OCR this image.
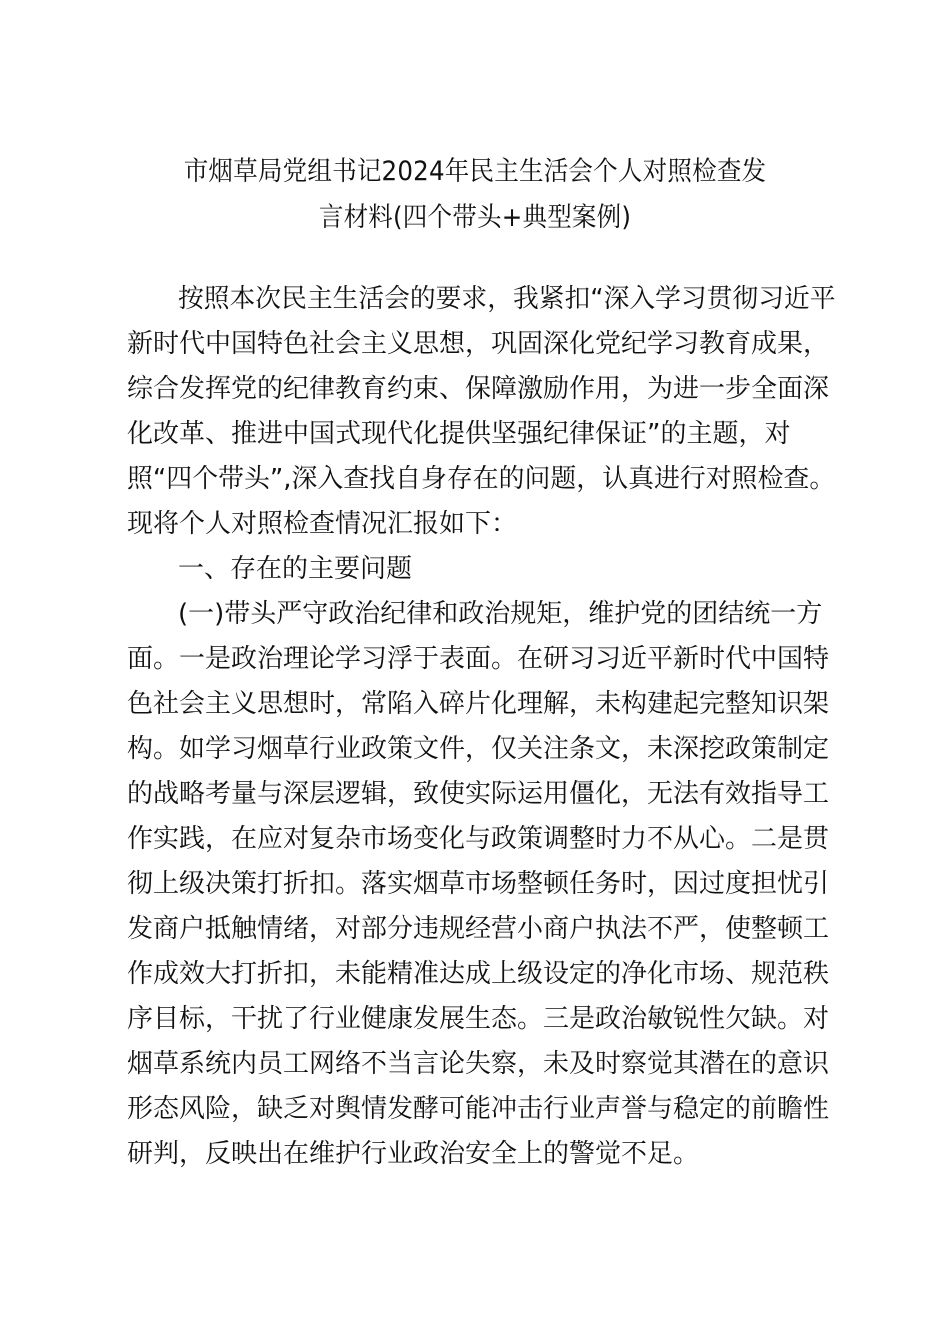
市烟草局党组书记2024年民主生活会个人对照检查发
言材料(四个带头+典型案例)
按照本次民主生活会的要求，我紧扣“深入学习贯彻习近平
新时代中国特色社会主义思想，巩固深化党纪学习教育成果，
综合发挥党的纪律教育约束、保障激励作用，为进一步全面深
化改革、推进中国式现代化提供坚强纪律保证”的主题，对
照“四个带头”,深入查找自身存在的问题，认真进行对照检查。
现将个人对照检查情况汇报如下：
一、存在的主要问题
(一)带头严守政治纪律和政治规矩，维护党的团结统一方
面。一是政治理论学习浮于表面。在研习习近平新时代中国特
色社会主义思想时，常陷入碎片化理解，未构建起完整知识架
构。如学习烟草行业政策文件，仅关注条文，未深挖政策制定
的战略考量与深层逻辑，致使实际运用僵化，无法有效指导工
作实践，在应对复杂市场变化与政策调整时力不从心。二是贯
彻上级决策打折扣。落实烟草市场整顿任务时，因过度担忧引
发商户抵触情绪，对部分违规经营小商户执法不严，使整顿工
作成效大打折扣，未能精准达成上级设定的净化市场、规范秩
序目标，干扰了行业健康发展生态。三是政治敏锐性欠缺。对
烟草系统内员工网络不当言论失察，未及时察觉其潜在的意识
形态风险，缺乏对舆情发酵可能冲击行业声誉与稳定的前瞻性
研判，反映出在维护行业政治安全上的警觉不足。
